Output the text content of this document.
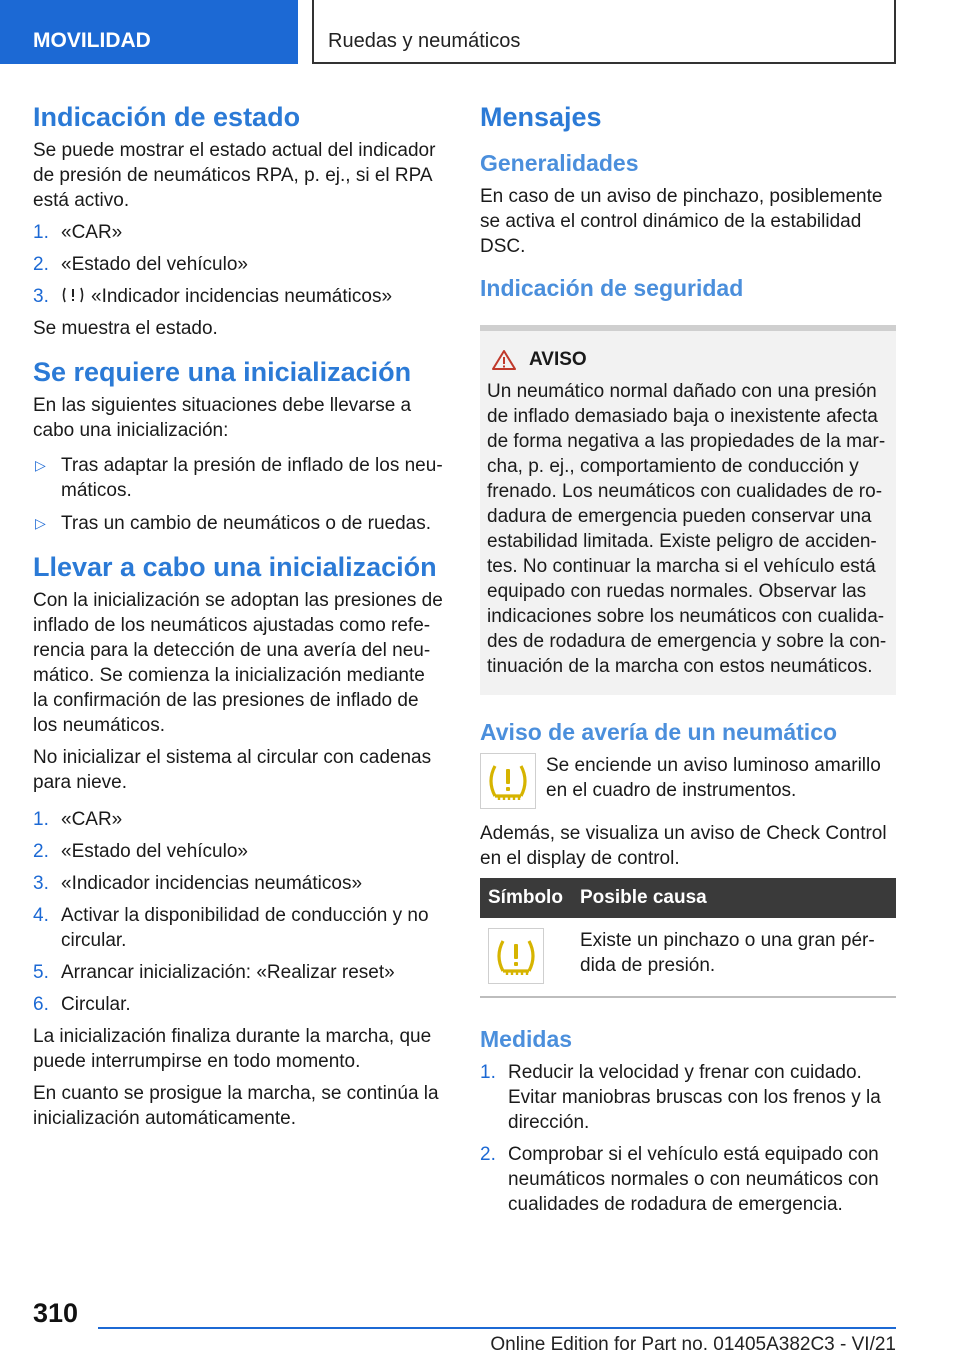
MOVILIDAD	Ruedas y neumáticos
Indicación de estado

Se puede mostrar el estado actual del indicador de presión de neumáticos RPA, p. ej., si el RPA está activo.

1. «CAR»
2. «Estado del vehículo»
3. «Indicador incidencias neumáticos»

Se muestra el estado.

Se requiere una inicialización

En las siguientes situaciones debe llevarse a cabo una inicialización:

▷ Tras adaptar la presión de inflado de los neu-máticos.
▷ Tras un cambio de neumáticos o de ruedas.
Llevar a cabo una inicialización

Con la inicialización se adoptan las presiones de inflado de los neumáticos ajustadas como refe-rencia para la detección de una avería del neu-mático. Se comienza la inicialización mediante la confirmación de las presiones de inflado de los neumáticos.

No inicializar el sistema al circular con cadenas para nieve.

1. «CAR»
2. «Estado del vehículo»
3. «Indicador incidencias neumáticos»
4. Activar la disponibilidad de conducción y no circular.
5. Arrancar inicialización: «Realizar reset»
6. Circular.

La inicialización finaliza durante la marcha, que puede interrumpirse en todo momento.

En cuanto se prosigue la marcha, se continúa la inicialización automáticamente.

Mensajes
Generalidades

En caso de un aviso de pinchazo, posiblemente se activa el control dinámico de la estabilidad DSC.

Indicación de seguridad
AVISO

Un neumático normal dañado con una presión de inflado demasiado baja o inexistente afecta de forma negativa a las propiedades de la mar-cha, p. ej., comportamiento de conducción y frenado. Los neumáticos con cualidades de ro-dadura de emergencia pueden conservar una estabilidad limitada. Existe peligro de acciden-tes. No continuar la marcha si el vehículo está equipado con ruedas normales. Observar las indicaciones sobre los neumáticos con cualida-des de rodadura de emergencia y sobre la con-tinuación de la marcha con estos neumáticos.

Aviso de avería de un neumático

Se enciende un aviso luminoso amarillo en el cuadro de instrumentos.

Además, se visualiza un aviso de Check Control en el display de control.

Símbolo	Posible causa

	Existe un pinchazo o una gran pér-dida de presión.
Medidas
1. Reducir la velocidad y frenar con cuidado. Evitar maniobras bruscas con los frenos y la dirección.
2. Comprobar si el vehículo está equipado con neumáticos normales o con neumáticos con cualidades de rodadura de emergencia.
310
Online Edition for Part no. 01405A382C3 - VI/21
